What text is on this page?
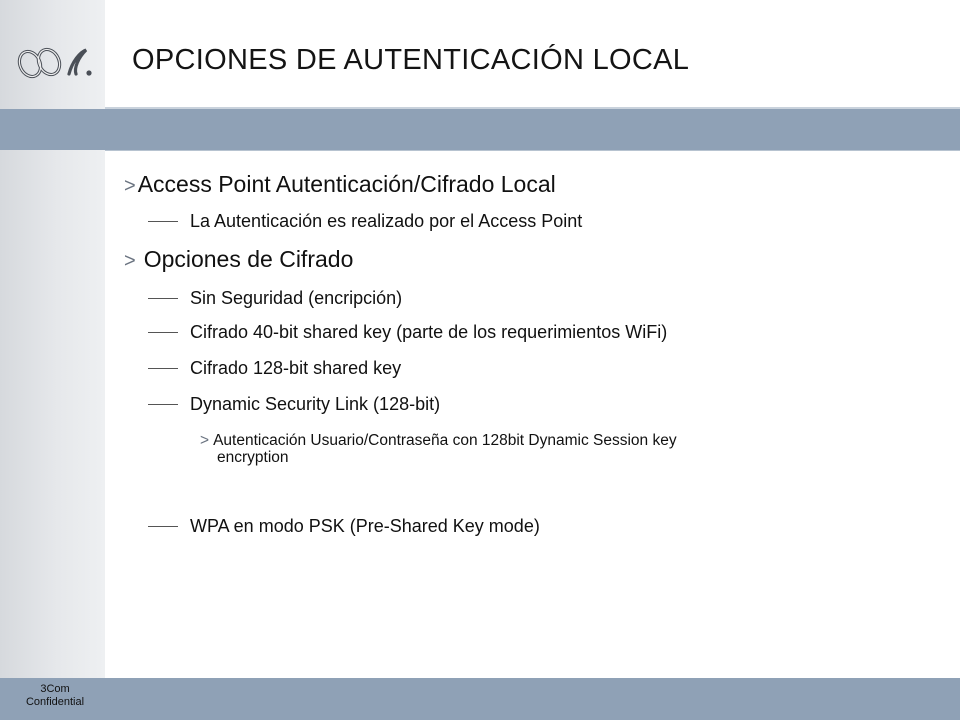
OPCIONES DE AUTENTICACIÓN LOCAL
>Access Point Autenticación/Cifrado Local
La Autenticación es realizado por el Access Point
> Opciones de Cifrado
Sin Seguridad (encripción)
Cifrado 40-bit shared key (parte de los requerimientos WiFi)
Cifrado 128-bit shared key
Dynamic Security Link (128-bit)
> Autenticación Usuario/Contraseña con 128bit Dynamic Session key
encryption
WPA en modo PSK (Pre-Shared Key mode)
3Com
Confidential
